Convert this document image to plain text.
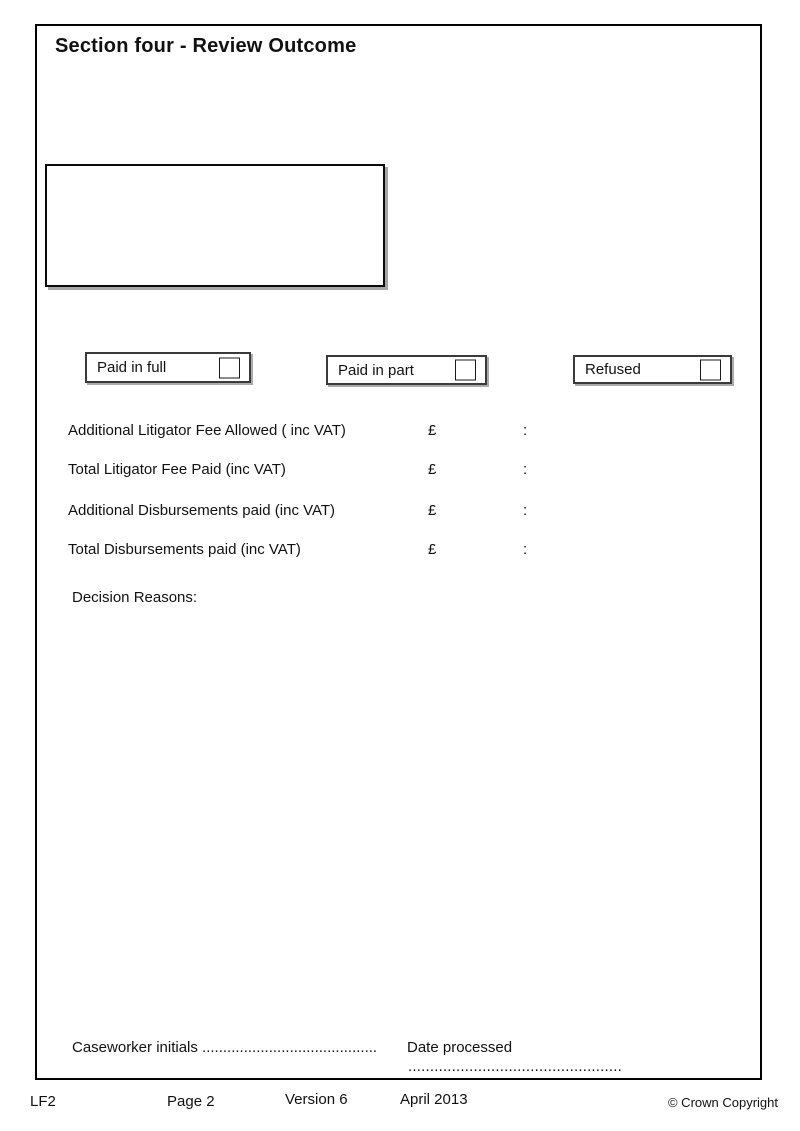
Section four - Review Outcome
Paid in full	Paid in part	Refused
Additional Litigator Fee Allowed ( inc VAT)	£	:
Total Litigator Fee Paid (inc VAT)	£	:
Additional Disbursements paid (inc VAT)	£	:
Total Disbursements paid (inc VAT)	£	:
Decision Reasons:
Caseworker initials .......................................... Date processed
.................................................
LF2	Page 2	Version 6	April 2013	© Crown Copyright
